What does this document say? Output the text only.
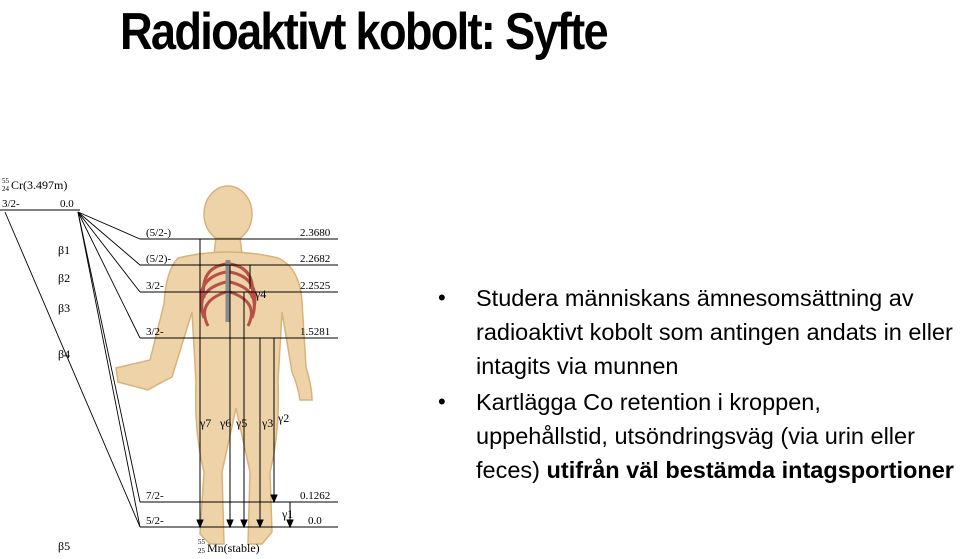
Radioaktivt kobolt: Syfte
55
24 Cr(3.497m)
3/2-	0.0
β1
β2
β3
β4
β5
(5/2-)	2.3680
(5/2)-	2.2682
3/2-	2.2525
3/2-	1.5281
7/2-	0.1262
5/2-	0.0
γ7 γ6 γ5 γ3 γ2
γ1
γ4
55
25 Mn(stable)
• Studera människans ämnesomsättning av radioaktivt kobolt som antingen andats in eller intagits via munnen
• Kartlägga Co retention i kroppen, uppehållstid, utsöndringsväg (via urin eller feces) utifrån väl bestämda intagsportioner
